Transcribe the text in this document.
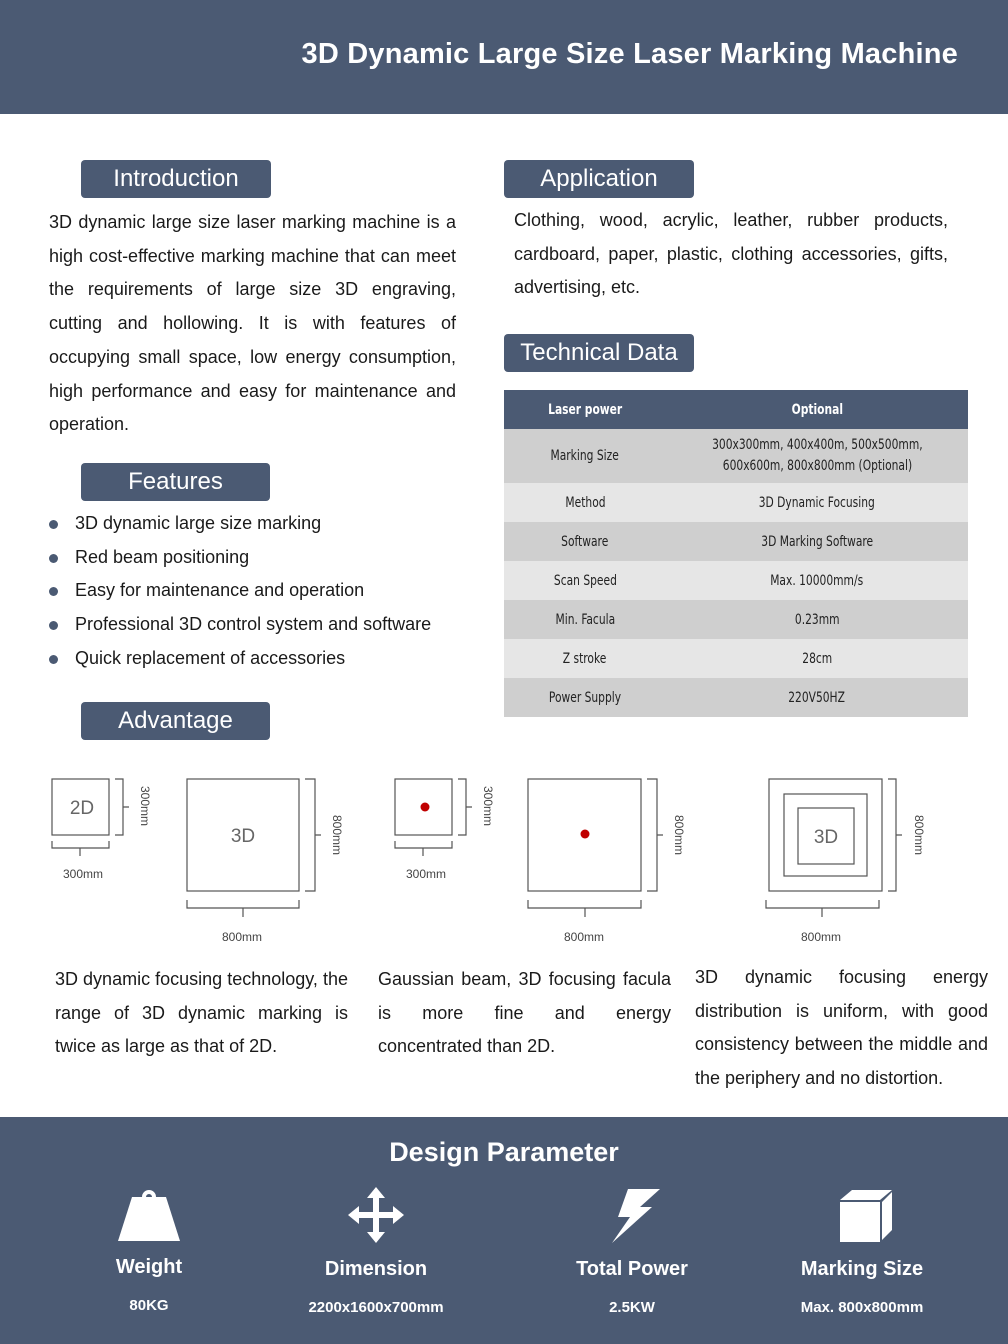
3D Dynamic Large Size Laser Marking Machine
Introduction
3D dynamic large size laser marking machine is a high cost-effective marking machine that can meet the requirements of large size 3D engraving, cutting and hollowing. It is with features of occupying small space, low energy consumption, high performance and easy for maintenance and operation.
Application
Clothing, wood, acrylic, leather, rubber products, cardboard, paper, plastic, clothing accessories, gifts, advertising, etc.
Features
3D dynamic large size marking
Red beam positioning
Easy for maintenance and operation
Professional 3D control system and software
Quick replacement of accessories
Technical Data
Laser power	Optional
Marking Size	300x300mm, 400x400m, 500x500mm,
600x600m, 800x800mm (Optional)
Method	3D Dynamic Focusing
Software	3D Marking Software
Scan Speed	Max. 10000mm/s
Min. Facula	0.23mm
Z stroke	28cm
Power Supply	220V50HZ
Advantage
2D
3D
300mm
300mm
800mm
800mm
300mm
300mm
800mm
800mm
3D	800mm
800mm
3D dynamic focusing technology, the range of 3D dynamic marking is twice as large as that of 2D.
Gaussian beam, 3D focusing facula is more fine and energy concentrated than 2D.
3D dynamic focusing energy distribution is uniform, with good consistency between the middle and the periphery and no distortion.
Design Parameter
Weight
80KG
Dimension
2200x1600x700mm
Total Power
2.5KW
Marking Size
Max. 800x800mm
